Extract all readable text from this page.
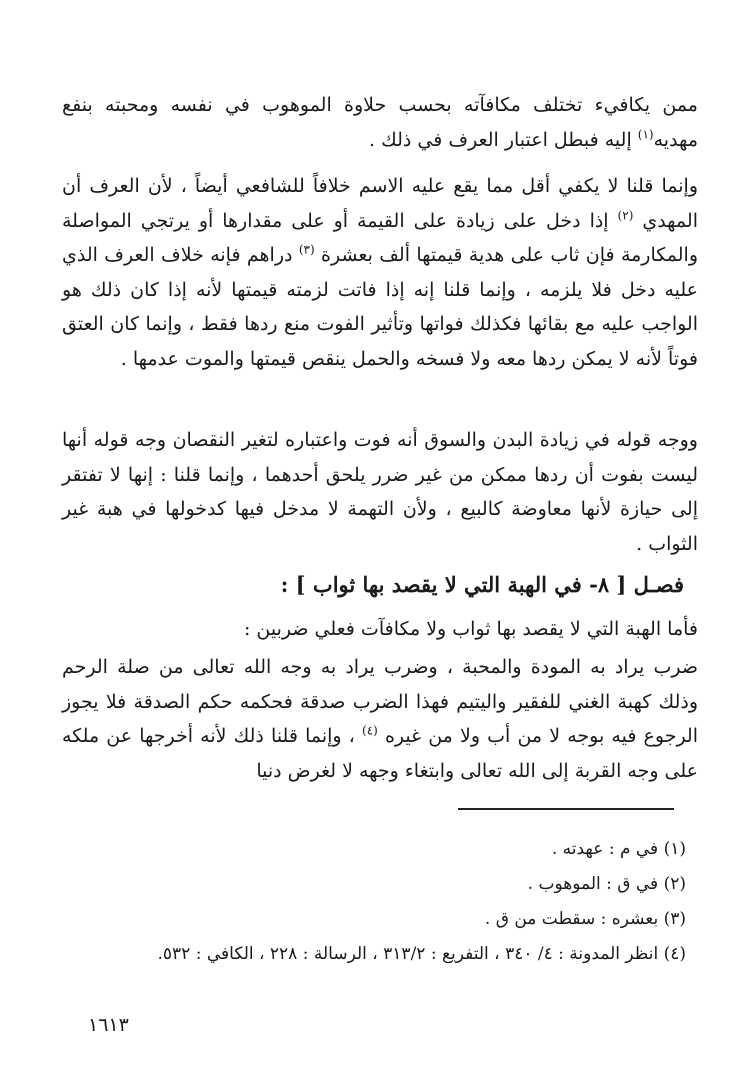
ممن يكافيء تختلف مكافآته بحسب حلاوة الموهوب في نفسه ومحبته بنفع مهديه$^{(١)}$ إليه فبطل اعتبار العرف في ذلك .
وإنما قلنا لا يكفي أقل مما يقع عليه الاسم خلافاً للشافعي أيضاً ، لأن العرف أن المهدي $^{(٢)}$ إذا دخل على زيادة على القيمة أو على مقدارها أو يرتجي المواصلة والمكارمة فإن ثاب على هدية قيمتها ألف بعشرة $^{(٣)}$ دراهم فإنه خلاف العرف الذي عليه دخل فلا يلزمه ، وإنما قلنا إنه إذا فاتت لزمته قيمتها لأنه إذا كان ذلك هو الواجب عليه مع بقائها فكذلك فواتها وتأثير الفوت منع ردها فقط ، وإنما كان العتق فوتاً لأنه لا يمكن ردها معه ولا فسخه والحمل ينقص قيمتها والموت عدمها .
ووجه قوله في زيادة البدن والسوق أنه فوت واعتباره لتغير النقصان وجه قوله أنها ليست بفوت أن ردها ممكن من غير ضرر يلحق أحدهما ، وإنما قلنا : إنها لا تفتقر إلى حيازة لأنها معاوضة كالبيع ، ولأن التهمة لا مدخل فيها كدخولها في هبة غير الثواب .
فصـل [ ٨- في الهبة التي لا يقصد بها ثواب ] :
فأما الهبة التي لا يقصد بها ثواب ولا مكافآت فعلي ضربين :
ضرب يراد به المودة والمحبة ، وضرب يراد به وجه الله تعالى من صلة الرحم وذلك كهبة الغني للفقير واليتيم فهذا الضرب صدقة فحكمه حكم الصدقة فلا يجوز الرجوع فيه بوجه لا من أب ولا من غيره $^{(٤)}$ ، وإنما قلنا ذلك لأنه أخرجها عن ملكه على وجه القربة إلى الله تعالى وابتغاء وجهه لا لغرض دنيا
(١) في م : عهدته .
(٢) في ق : الموهوب .
(٣) بعشره : سقطت من ق .
(٤) انظر المدونة : ٤/ ٣٤٠ ، التفريع : ٣١٣/٢ ، الرسالة : ٢٢٨ ، الكافي : ٥٣٢.
١٦١٣
